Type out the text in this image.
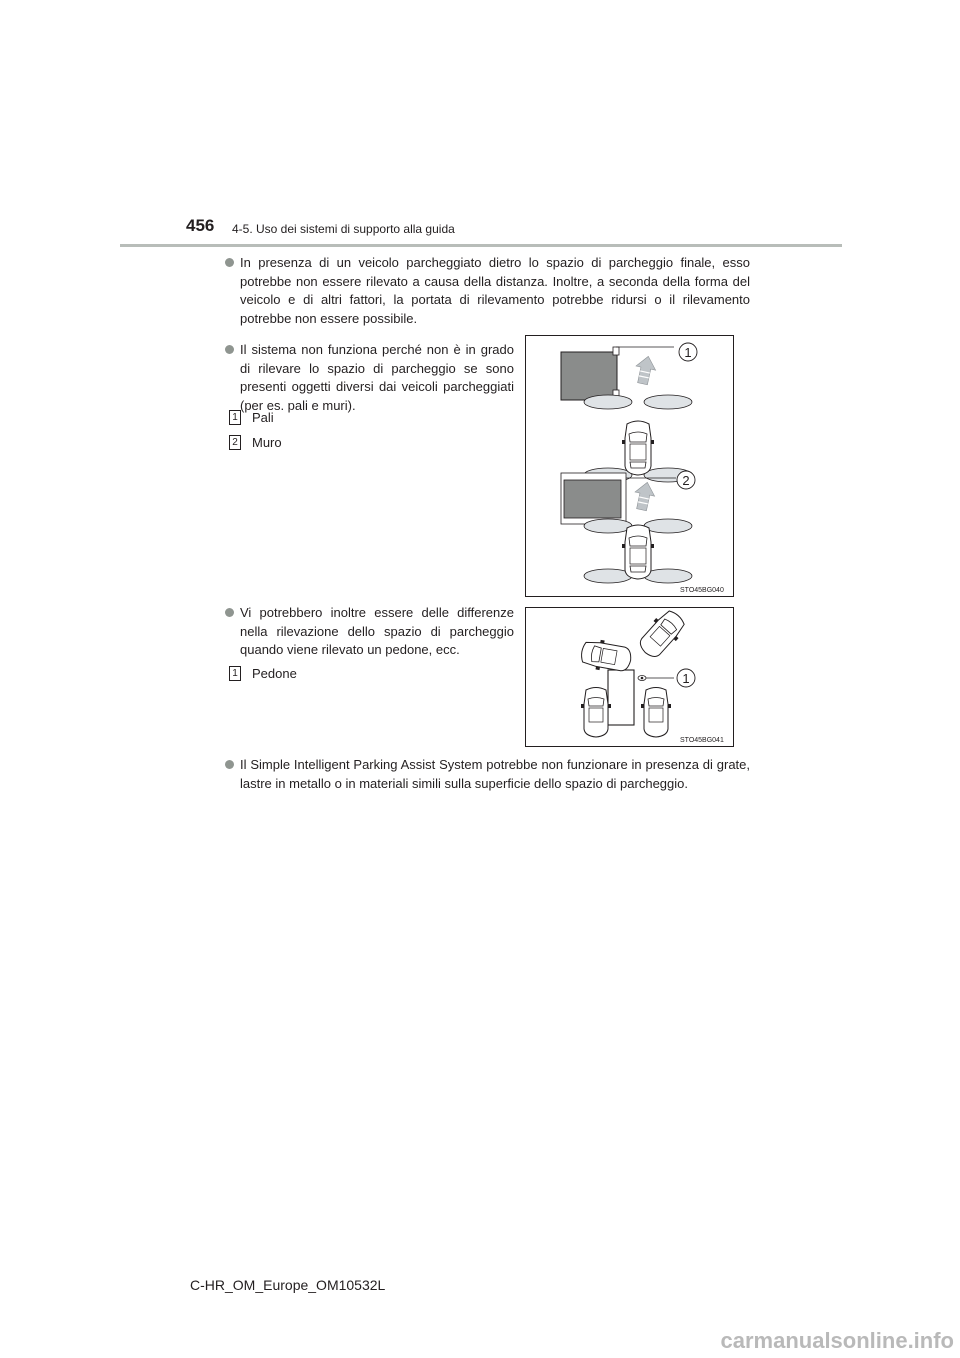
456 4-5. Uso dei sistemi di supporto alla guida
In presenza di un veicolo parcheggiato dietro lo spazio di parcheggio finale, esso potrebbe non essere rilevato a causa della distanza. Inoltre, a seconda della forma del veicolo e di altri fattori, la portata di rilevamento potrebbe ridursi o il rilevamento potrebbe non essere possibile.
Il sistema non funziona perché non è in grado di rilevare lo spazio di parcheggio se sono presenti oggetti diversi dai veicoli parcheggiati (per es. pali e muri).
1 Pali
2 Muro
1
2
STO45BG040
Vi potrebbero inoltre essere delle differenze nella rilevazione dello spazio di parcheggio quando viene rilevato un pedone, ecc.
1 Pedone	1
STO45BG041
Il Simple Intelligent Parking Assist System potrebbe non funzionare in presenza di grate, lastre in metallo o in materiali simili sulla superficie dello spazio di parcheggio.
C-HR_OM_Europe_OM10532L
carmanualsonline.info
